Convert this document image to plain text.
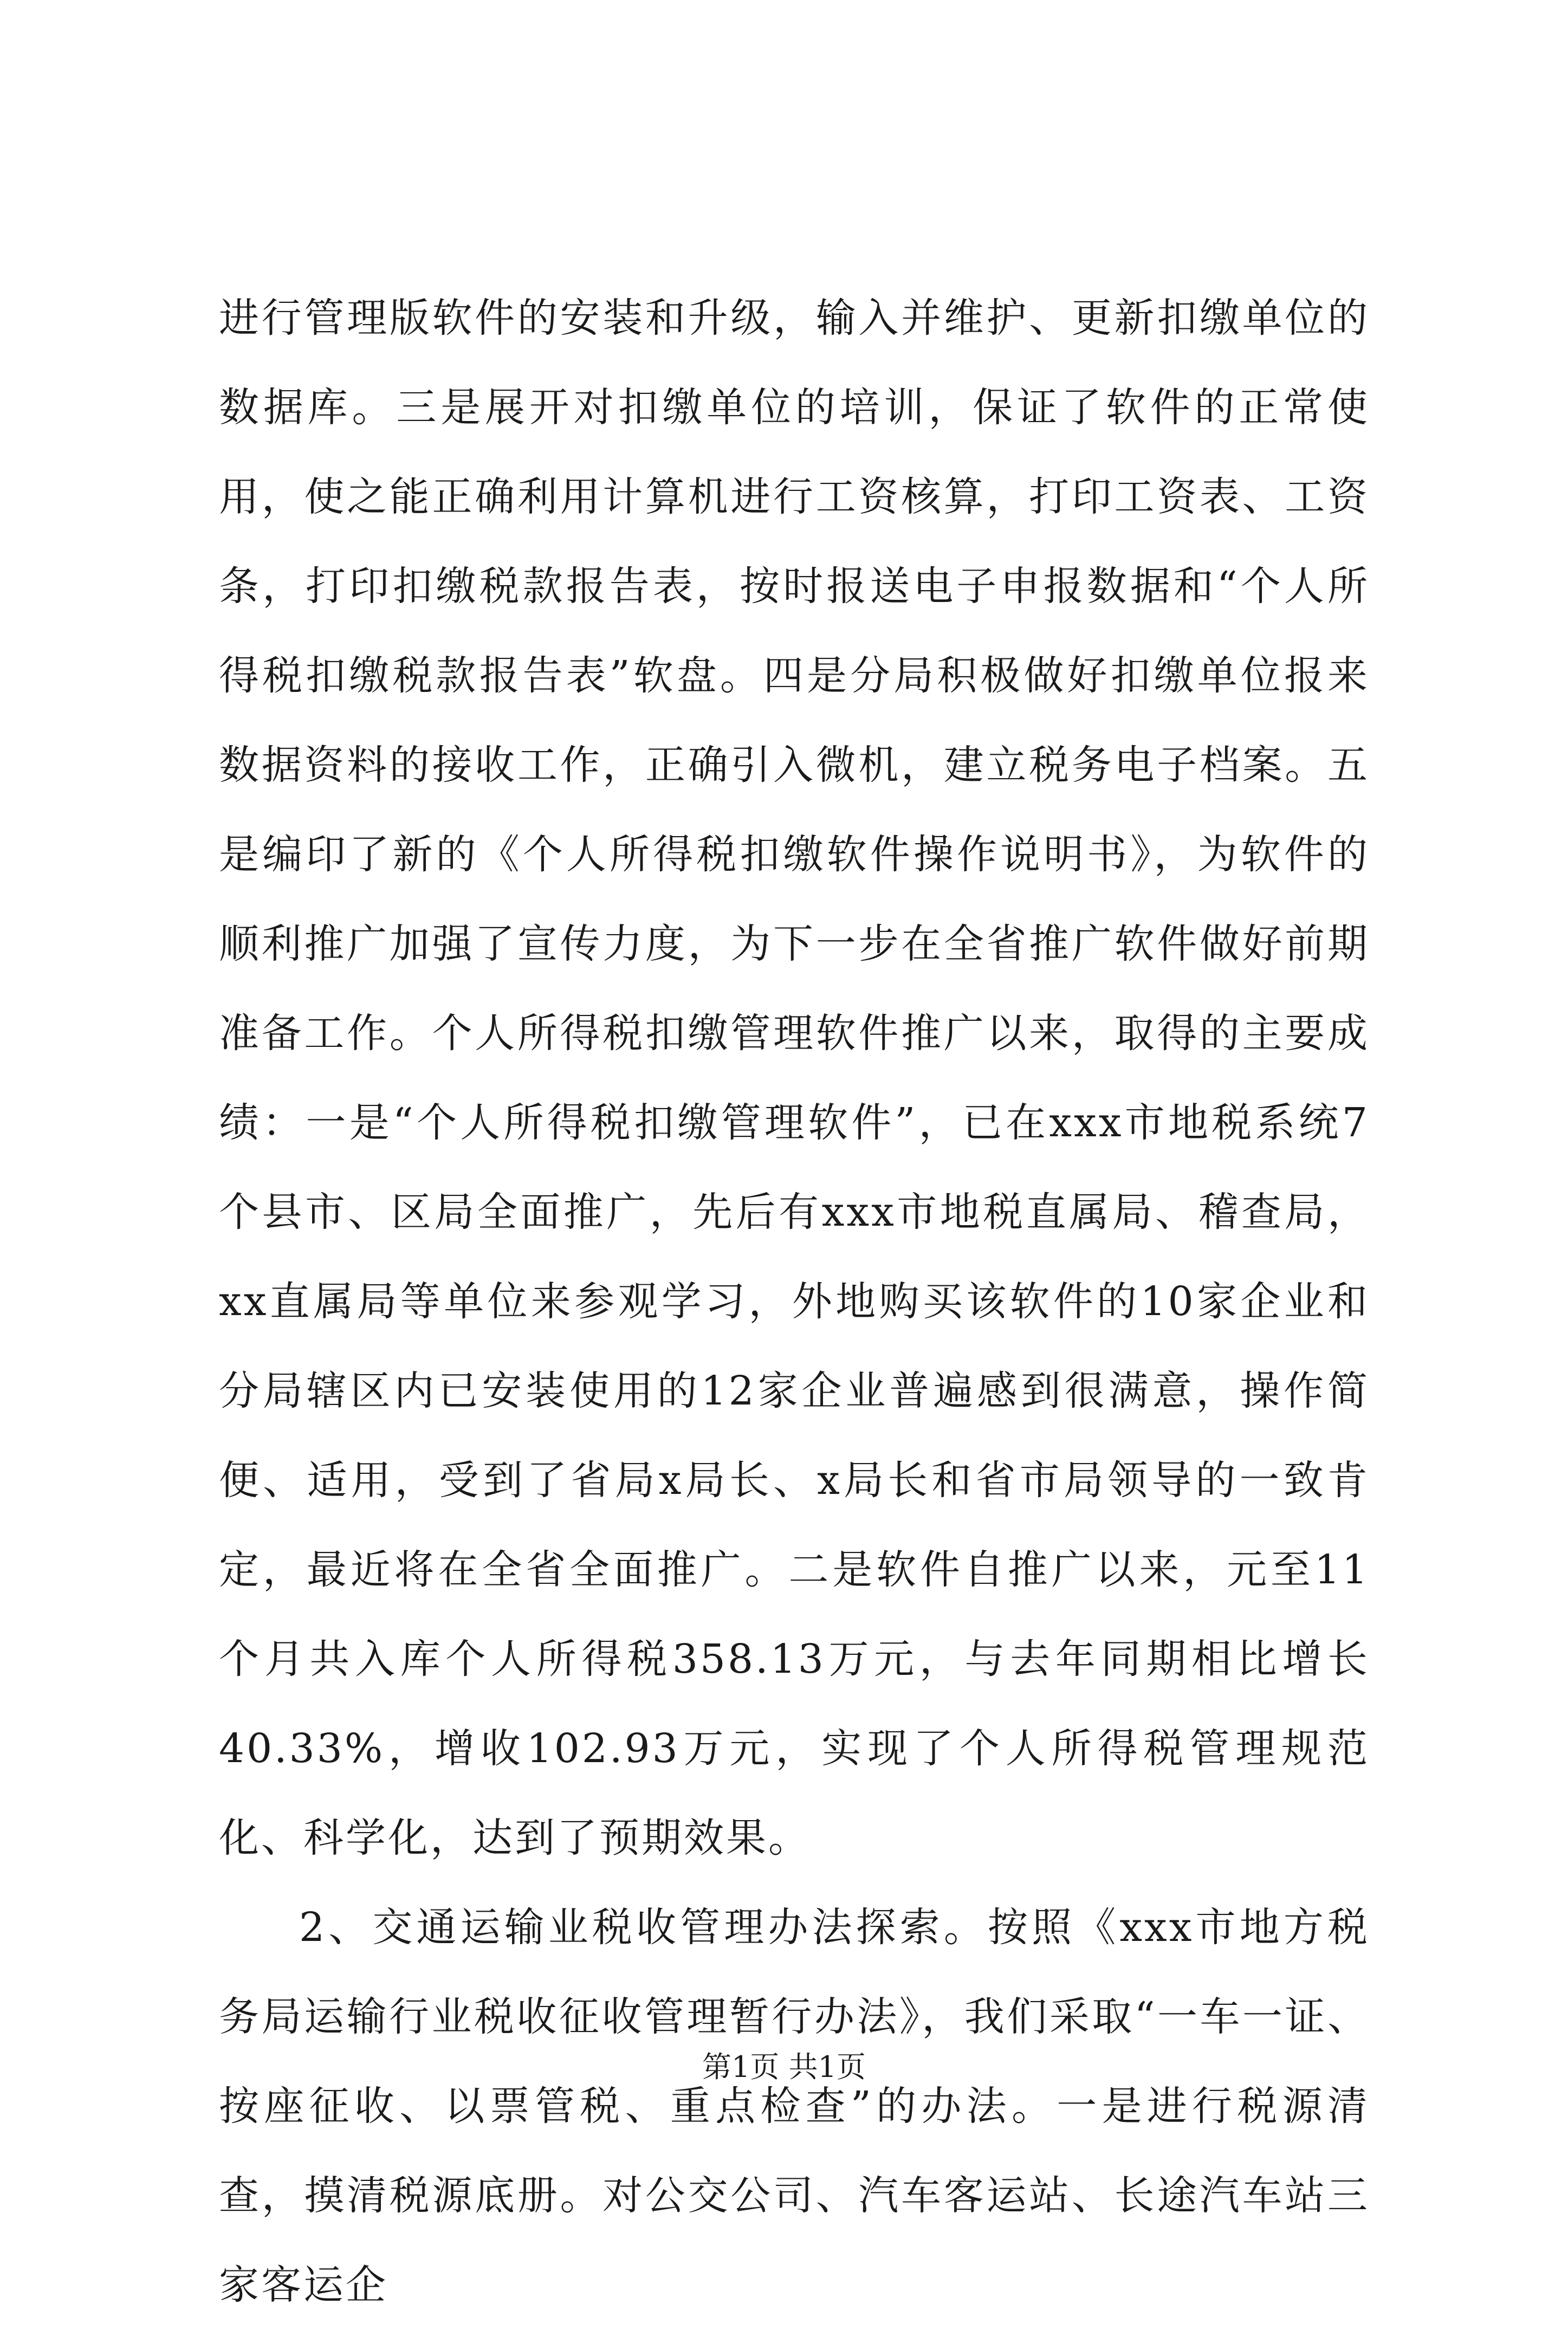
进行管理版软件的安装和升级，输入并维护、更新扣缴单位的数据库。三是展开对扣缴单位的培训，保证了软件的正常使用，使之能正确利用计算机进行工资核算，打印工资表、工资条，打印扣缴税款报告表，按时报送电子申报数据和“个人所得税扣缴税款报告表”软盘。四是分局积极做好扣缴单位报来数据资料的接收工作，正确引入微机，建立税务电子档案。五是编印了新的《个人所得税扣缴软件操作说明书》，为软件的顺利推广加强了宣传力度，为下一步在全省推广软件做好前期准备工作。个人所得税扣缴管理软件推广以来，取得的主要成绩：一是“个人所得税扣缴管理软件”，已在xxx市地税系统7个县市、区局全面推广，先后有xxx市地税直属局、稽查局，xx直属局等单位来参观学习，外地购买该软件的10家企业和分局辖区内已安装使用的12家企业普遍感到很满意，操作简便、适用，受到了省局x局长、x局长和省市局领导的一致肯定，最近将在全省全面推广。二是软件自推广以来，元至11个月共入库个人所得税358.13万元，与去年同期相比增长40.33%，增收102.93万元，实现了个人所得税管理规范化、科学化，达到了预期效果。

2、交通运输业税收管理办法探索。按照《xxx市地方税务局运输行业税收征收管理暂行办法》，我们采取“一车一证、按座征收、以票管税、重点检查”的办法。一是进行税源清查，摸清税源底册。对公交公司、汽车客运站、长途汽车站三家客运企

第1页 共1页
